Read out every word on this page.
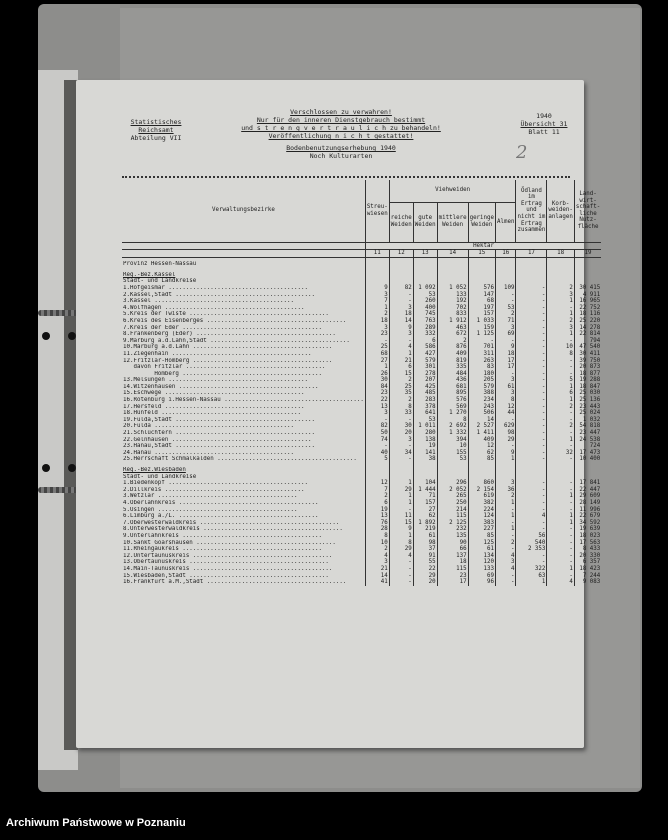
Statistisches Reichsamt
Abteilung VII
Verschlossen zu verwahren!
Nur für den inneren Dienstgebrauch bestimmt
und s t r e n g v e r t r a u l i c h zu behandeln!
Veröffentlichung n i c h t gestattet!
Bodenbenutzungserhebung 1940
Noch Kulturarten
1940
Übersicht 31
Blatt 11
2
Verwaltungsbezirke	Streu-wiesen	Viehweiden					Ödland im Ertrag und nicht im Ertrag zusammen	Korb-weiden-anlagen	Land-wirt-schaft-liche Nutz-fläche
		reiche Weiden	gute Weiden	mittlere Weiden	geringe Weiden	Almen			
	Hektar								
	11	12	13	14	15	16	17	18	19

Provinz Hessen-Nassau									

Reg.-Bez.Kassel									
Stadt- und Landkreise									
1.Hofgeismar ........................................	9	82	1 092	1 052	576	109	-	2	30 415
2.Kassel,Stadt ........................................	3	-	53	133	147	-	-	3	4 911
3.Kassel ........................................	7	-	260	192	68	-	-	1	16 965
4.Wolfhagen ........................................	1	3	400	702	197	53	-	-	22 752
5.Kreis der Twiste ........................................	2	18	745	833	157	2	-	1	18 116
6.Kreis des Eisenberges ........................................	18	14	763	1 912	1 033	71	-	2	25 220
7.Kreis der Eder ........................................	3	9	289	463	159	3	-	3	14 278
8.Frankenberg (Eder) ........................................	23	3	332	672	1 125	69	-	1	22 814
9.Marburg a.d.Lahn,Stadt ........................................	-	-	6	2	-	-	-	-	794
10.Marburg a.d.Lahn ........................................	25	4	586	876	701	9	-	10	47 540
11.Ziegenhain ........................................	68	1	427	409	311	18	-	8	30 411
12.Fritzlar-Homberg ........................................	27	21	579	819	263	17	-	-	39 750
davon Fritzlar ........................................	1	6	301	335	83	17	-	-	20 873
Homberg ........................................	26	15	278	484	180	-	-	-	18 877
13.Melsungen ........................................	30	2	207	436	205	3	-	5	19 288
14.Witzenhausen ........................................	84	25	425	681	579	61	-	1	18 847
15.Eschwege ........................................	23	35	485	895	388	3	-	6	25 030
16.Rotenburg i.Hessen-Nassau ........................................	22	2	283	576	234	8	-	1	25 136
17.Hersfeld ........................................	13	8	378	569	243	12	-	2	23 443
18.Hünfeld ........................................	3	33	641	1 270	506	44	-	-	25 024
19.Fulda,Stadt ........................................	-	-	53	8	14	-	-	-	1 032
20.Fulda ........................................	82	30	1 011	2 692	2 527	629	-	2	54 818
21.Schlüchtern ........................................	50	20	280	1 332	1 411	98	-	-	23 447
22.Gelnhausen ........................................	74	3	138	394	409	29	-	1	24 538
23.Hanau,Stadt ........................................	-	-	19	10	12	-	-	-	724
24.Hanau ........................................	40	34	141	155	62	9	-	32	17 473
25.Herrschaft Schmalkalden ........................................	5	-	38	53	85	1	-	-	10 400

Reg.-Bez.Wiesbaden									
Stadt- und Landkreise									
1.Biedenkopf ........................................	12	1	104	296	860	3	-	-	17 841
2.Dillkreis ........................................	7	29	1 444	2 052	2 154	36	-	-	22 447
3.Wetzlar ........................................	2	1	71	265	619	2	-	1	29 609
4.Oberlahnkreis ........................................	6	1	157	250	382	1	-	-	28 149
5.Usingen ........................................	19	-	27	214	224	-	-	-	11 996
6.Limburg a./L. ........................................	13	11	62	115	124	1	4	1	22 679
7.Oberwesterwaldkreis ........................................	76	15	1 892	2 125	383	-	-	1	34 592
8.Unterwesterwaldkreis ........................................	28	9	219	232	227	1	-	-	19 639
9.Unterlahnkreis ........................................	8	1	61	135	85	-	56	-	18 023
10.Sankt Goarshausen ........................................	10	8	98	90	125	2	540	-	17 563
11.Rheingaukreis ........................................	2	29	37	66	61	-	2 353	-	8 433
12.Untertaunuskreis ........................................	4	4	91	137	134	4	-	-	20 330
13.Obertaunuskreis ........................................	3	-	55	18	120	3	-	-	6 357
14.Main-Taunuskreis ........................................	21	-	22	115	133	4	322	1	18 423
15.Wiesbaden,Stadt ........................................	14	-	29	23	69	-	63	-	7 244
16.Frankfurt a.M.,Stadt ........................................	41	-	20	17	96	-	1	4	9 083
Archiwum Państwowe w Poznaniu
